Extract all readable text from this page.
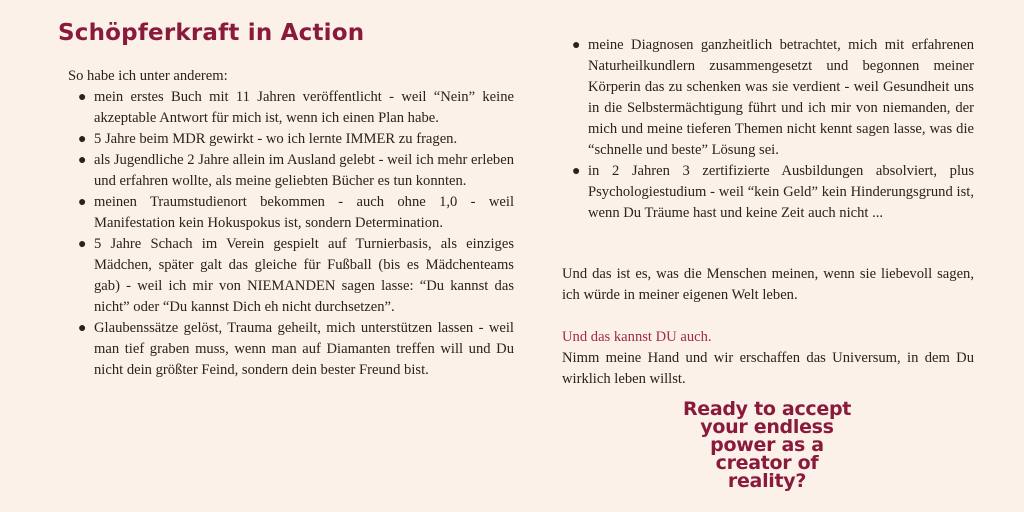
Schöpferkraft in Action

So habe ich unter anderem:

● mein erstes Buch mit 11 Jahren veröffentlicht - weil “Nein” keine akzeptable Antwort für mich ist, wenn ich einen Plan habe.
● 5 Jahre beim MDR gewirkt - wo ich lernte IMMER zu fragen.
● als Jugendliche 2 Jahre allein im Ausland gelebt - weil ich mehr erleben und erfahren wollte, als meine geliebten Bücher es tun konnten.
● meinen Traumstudienort bekommen - auch ohne 1,0 - weil Manifestation kein Hokuspokus ist, sondern Determination.
● 5 Jahre Schach im Verein gespielt auf Turnierbasis, als einziges Mädchen, später galt das gleiche für Fußball (bis es Mädchenteams gab) - weil ich mir von NIEMANDEN sagen lasse: “Du kannst das nicht” oder “Du kannst Dich eh nicht durchsetzen”.
● Glaubenssätze gelöst, Trauma geheilt, mich unterstützen lassen - weil man tief graben muss, wenn man auf Diamanten treffen will und Du nicht dein größter Feind, sondern dein bester Freund bist.
● meine Diagnosen ganzheitlich betrachtet, mich mit erfahrenen Naturheilkundlern zusammengesetzt und begonnen meiner Körperin das zu schenken was sie verdient - weil Gesundheit uns in die Selbstermächtigung führt und ich mir von niemanden, der mich und meine tieferen Themen nicht kennt sagen lasse, was die “schnelle und beste” Lösung sei.
● in 2 Jahren 3 zertifizierte Ausbildungen absolviert, plus Psychologiestudium - weil “kein Geld” kein Hinderungsgrund ist, wenn Du Träume hast und keine Zeit auch nicht ...

Und das ist es, was die Menschen meinen, wenn sie liebevoll sagen, ich würde in meiner eigenen Welt leben.

Und das kannst DU auch.

Nimm meine Hand und wir erschaffen das Universum, in dem Du wirklich leben willst.

Ready to accept
your endless
power as a
creator of
reality?
